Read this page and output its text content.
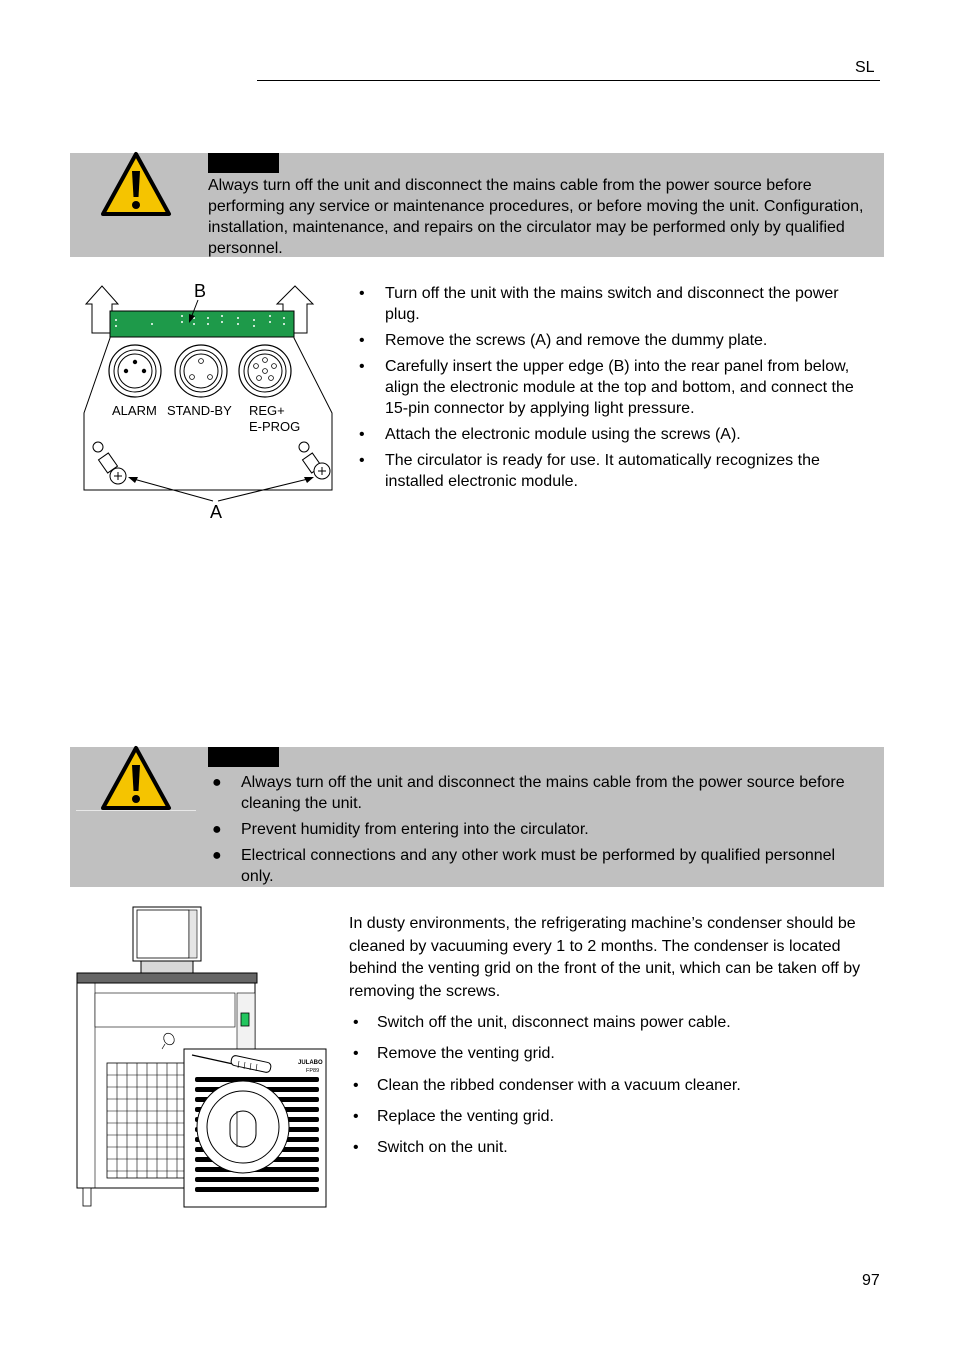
SL
Always turn off the unit and disconnect the mains cable from the power source before performing any service or maintenance procedures, or before moving the unit. Configuration, installation, maintenance, and repairs on the circulator may be performed only by qualified personnel.
B
ALARM STAND-BY REG+
E-PROG
A
• Turn off the unit with the mains switch and disconnect the power plug.
• Remove the screws (A) and remove the dummy plate.
• Carefully insert the upper edge (B) into the rear panel from below, align the electronic module at the top and bottom, and connect the 15-pin connector by applying light pressure.
• Attach the electronic module using the screws (A).
• The circulator is ready for use. It automatically recognizes the installed electronic module.
● Always turn off the unit and disconnect the mains cable from the power source before cleaning the unit.
● Prevent humidity from entering into the circulator.
● Electrical connections and any other work must be performed by qualified personnel only.
JULABO
FP89

In dusty environments, the refrigerating machine’s condenser should be cleaned by vacuuming every 1 to 2 months. The condenser is located behind the venting grid on the front of the unit, which can be taken off by removing the screws.

• Switch off the unit, disconnect mains power cable.
• Remove the venting grid.
• Clean the ribbed condenser with a vacuum cleaner.
• Replace the venting grid.
• Switch on the unit.
97
